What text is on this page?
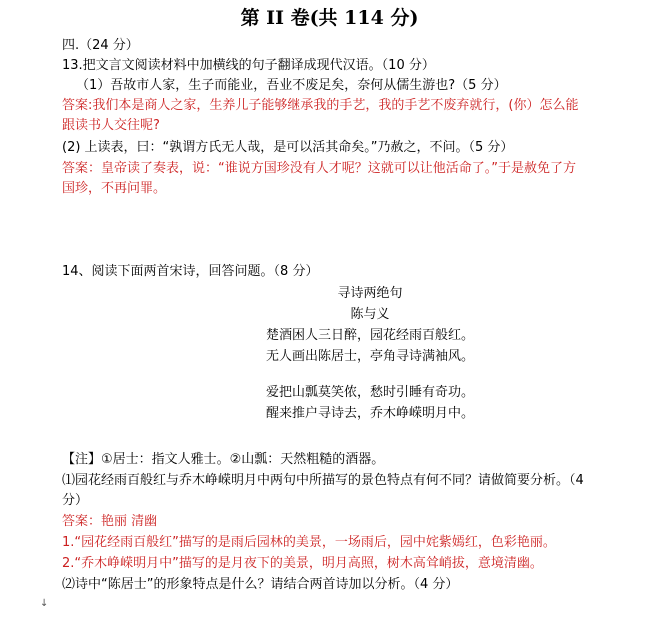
第 II 卷(共 114 分)
四.（24 分）
13.把文言文阅读材料中加横线的句子翻译成现代汉语。（10 分）
（1）吾故市人家，生子而能业，吾业不废足矣，奈何从儒生游也?（5 分）
答案:我们本是商人之家，生养儿子能够继承我的手艺，我的手艺不废弃就行，(你）怎么能
跟读书人交往呢?
(2) 上读表，曰：“孰谓方氏无人哉，是可以活其命矣。”乃赦之，不问。（5 分）
答案：皇帝读了奏表，说：“谁说方国珍没有人才呢？这就可以让他活命了。”于是赦免了方
国珍，不再问罪。
14、阅读下面两首宋诗，回答问题。（8 分）
寻诗两绝句
陈与义
楚酒困人三日醉，园花经雨百般红。
无人画出陈居士，亭角寻诗满袖风。
爱把山瓢莫笑侬，愁时引睡有奇功。
醒来推户寻诗去，乔木峥嵘明月中。
【注】①居士：指文人雅士。②山瓢：天然粗糙的酒器。
⑴园花经雨百般红与乔木峥嵘明月中两句中所描写的景色特点有何不同？请做简要分析。（4
分）
答案：艳丽 清幽
1.“园花经雨百般红”描写的是雨后园林的美景，一场雨后，园中姹紫嫣红，色彩艳丽。
2.“乔木峥嵘明月中”描写的是月夜下的美景，明月高照，树木高耸峭拔，意境清幽。
⑵诗中“陈居士”的形象特点是什么？请结合两首诗加以分析。（4 分）
↓
